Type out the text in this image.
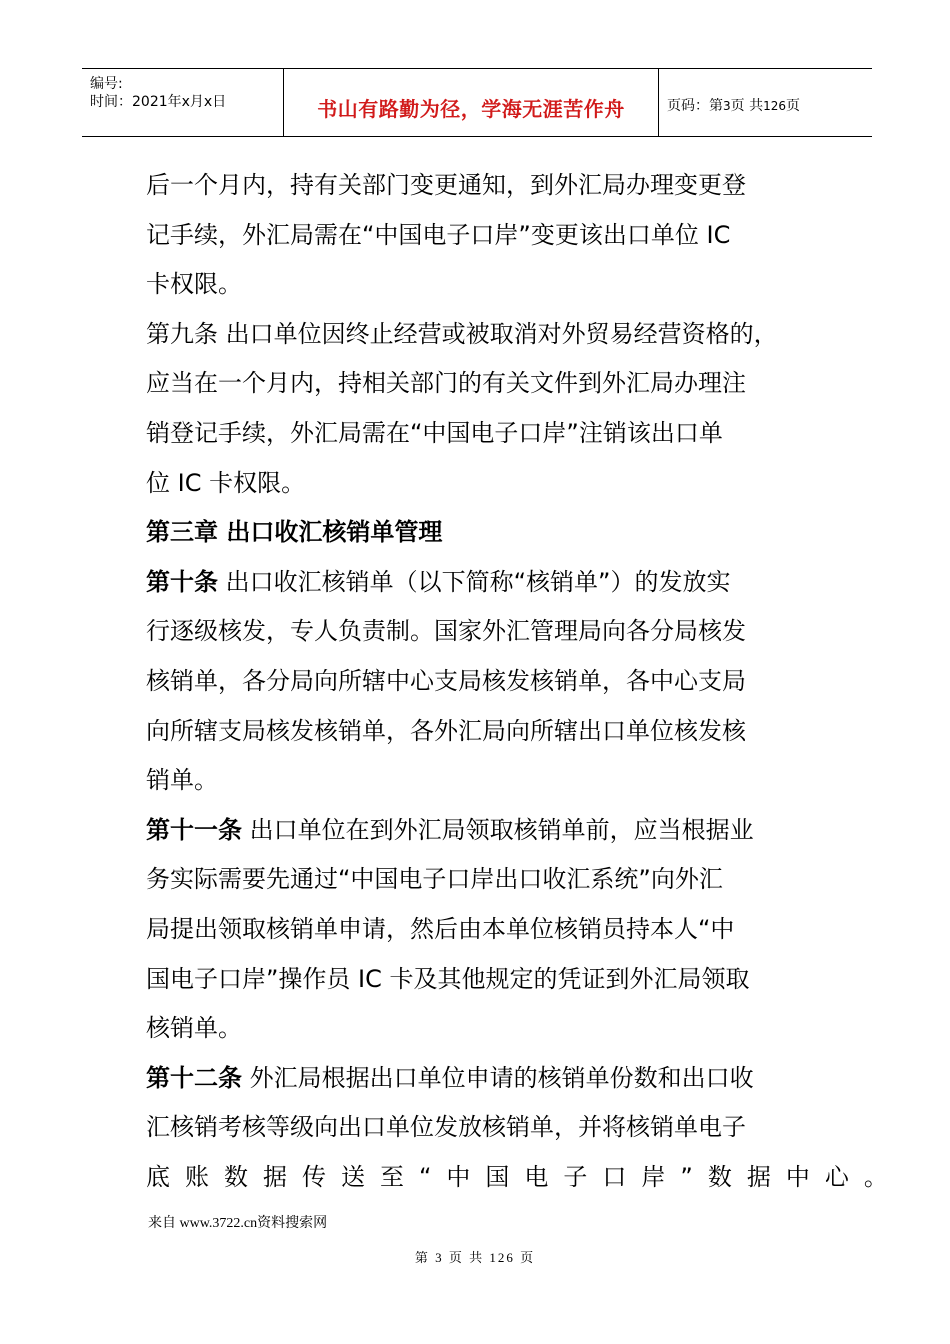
编号:
时间：2021年x月x日	书山有路勤为径，学海无涯苦作舟	页码：第3页 共126页
后一个月内，持有关部门变更通知，到外汇局办理变更登
记手续，外汇局需在“中国电子口岸”变更该出口单位 IC
卡权限。
第九条 出口单位因终止经营或被取消对外贸易经营资格的，
应当在一个月内，持相关部门的有关文件到外汇局办理注
销登记手续，外汇局需在“中国电子口岸”注销该出口单
位 IC 卡权限。
第三章 出口收汇核销单管理
第十条 出口收汇核销单（以下简称“核销单”）的发放实
行逐级核发，专人负责制。国家外汇管理局向各分局核发
核销单，各分局向所辖中心支局核发核销单，各中心支局
向所辖支局核发核销单，各外汇局向所辖出口单位核发核
销单。
第十一条 出口单位在到外汇局领取核销单前，应当根据业
务实际需要先通过“中国电子口岸出口收汇系统”向外汇
局提出领取核销单申请，然后由本单位核销员持本人“中
国电子口岸”操作员 IC 卡及其他规定的凭证到外汇局领取
核销单。
第十二条 外汇局根据出口单位申请的核销单份数和出口收
汇核销考核等级向出口单位发放核销单，并将核销单电子
底账数据传送至“中国电子口岸”数据中心。
来自 www.3722.cn资料搜索网
第 3 页 共 126 页
